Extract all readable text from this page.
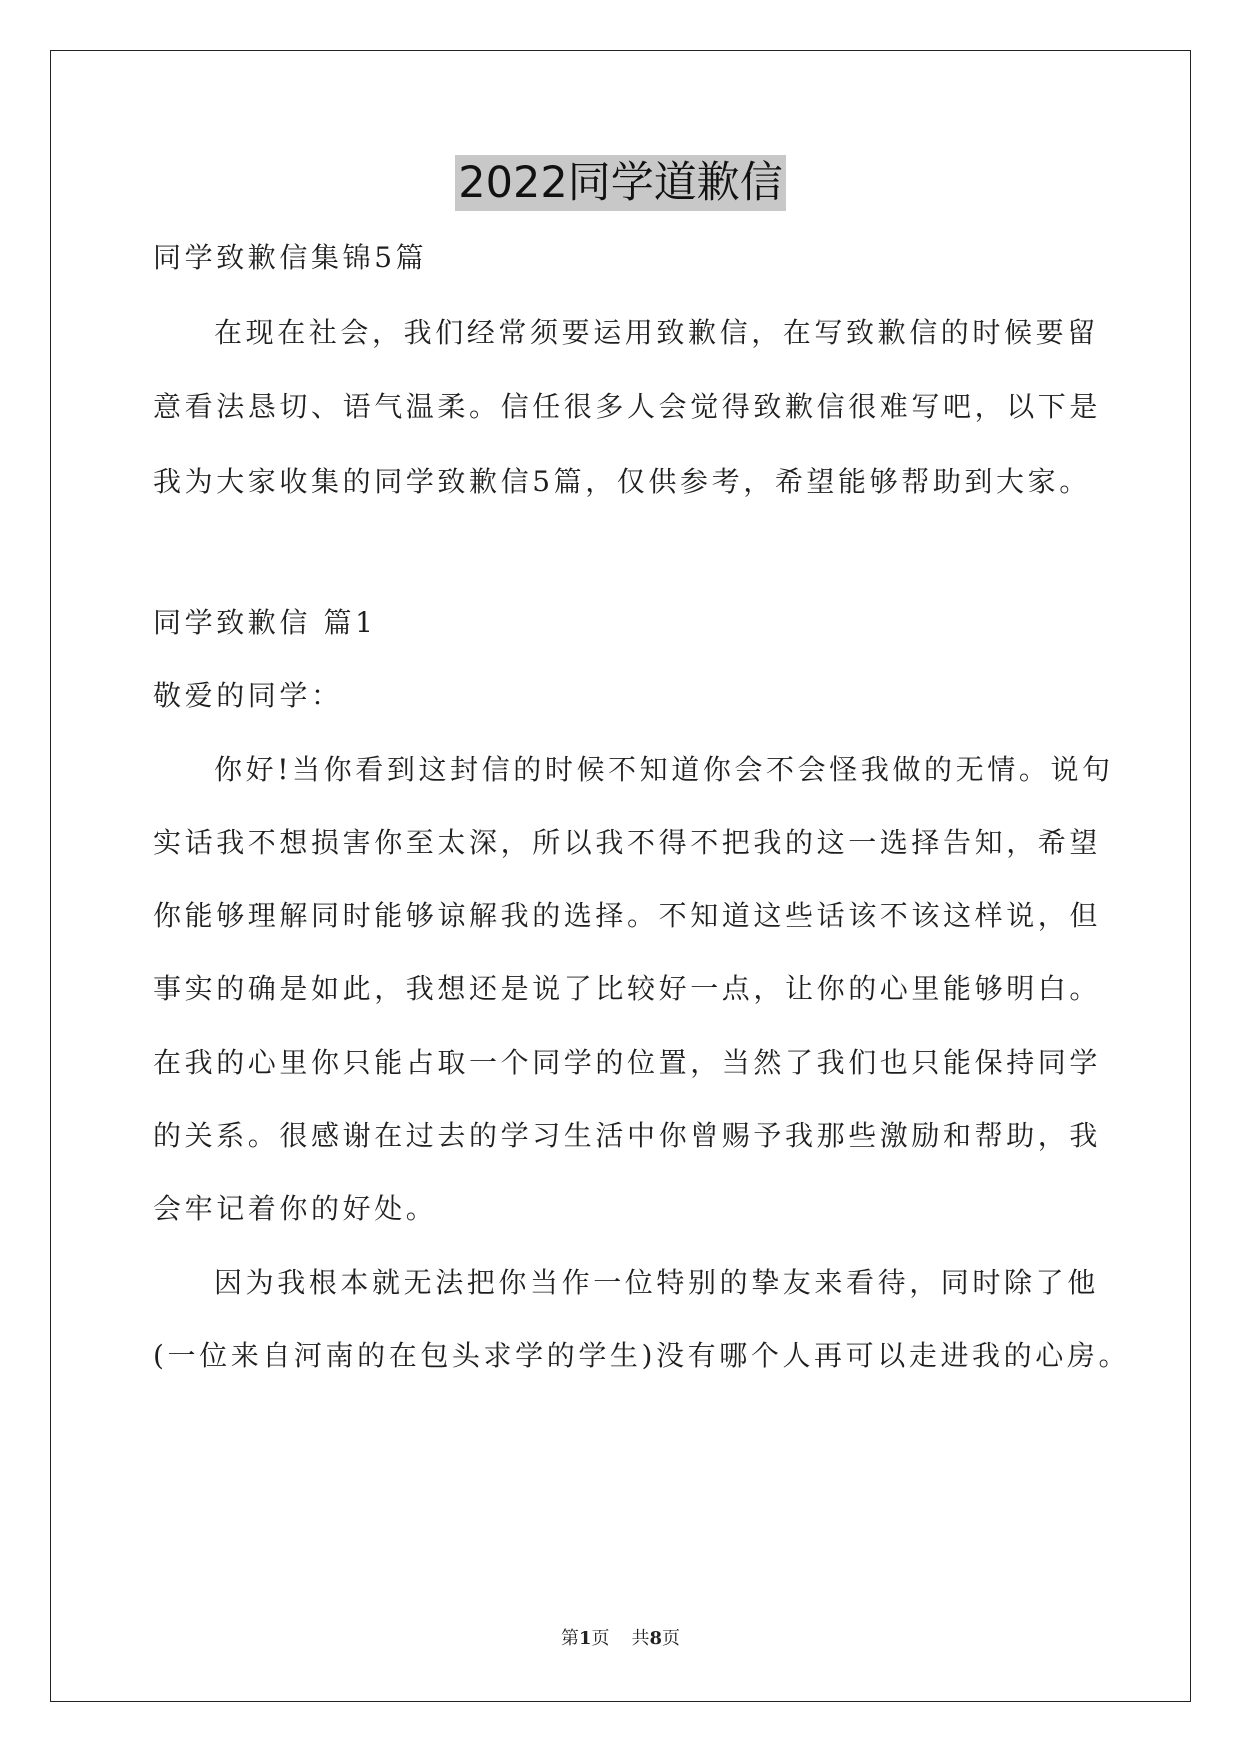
2022同学道歉信
同学致歉信集锦5篇
在现在社会，我们经常须要运用致歉信，在写致歉信的时候要留
意看法恳切、语气温柔。信任很多人会觉得致歉信很难写吧，以下是
我为大家收集的同学致歉信5篇，仅供参考，希望能够帮助到大家。
同学致歉信 篇1
敬爱的同学：
你好!当你看到这封信的时候不知道你会不会怪我做的无情。说句
实话我不想损害你至太深，所以我不得不把我的这一选择告知，希望
你能够理解同时能够谅解我的选择。不知道这些话该不该这样说，但
事实的确是如此，我想还是说了比较好一点，让你的心里能够明白。
在我的心里你只能占取一个同学的位置，当然了我们也只能保持同学
的关系。很感谢在过去的学习生活中你曾赐予我那些激励和帮助，我
会牢记着你的好处。
因为我根本就无法把你当作一位特别的挚友来看待，同时除了他
(一位来自河南的在包头求学的学生)没有哪个人再可以走进我的心房。
第1页 共8页
